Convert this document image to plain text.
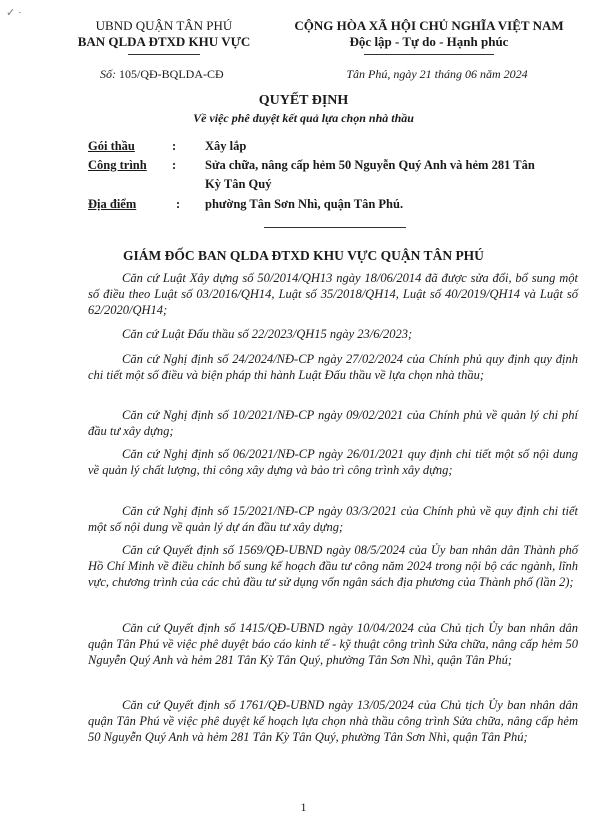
✓ ·
UBND QUẬN TÂN PHÚ
BAN QLDA ĐTXD KHU VỰC
CỘNG HÒA XÃ HỘI CHỦ NGHĨA VIỆT NAM
Độc lập - Tự do - Hạnh phúc
Số: 105/QĐ-BQLDA-CĐ	Tân Phú, ngày 21 tháng 06 năm 2024
QUYẾT ĐỊNH
Về việc phê duyệt kết quả lựa chọn nhà thầu
Gói thầu	: Xây lắp
Công trình	: Sửa chữa, nâng cấp hẻm 50 Nguyễn Quý Anh và hẻm 281 Tân Kỳ Tân Quý
Địa điểm	: phường Tân Sơn Nhì, quận Tân Phú.
GIÁM ĐỐC BAN QLDA ĐTXD KHU VỰC QUẬN TÂN PHÚ
Căn cứ Luật Xây dựng số 50/2014/QH13 ngày 18/06/2014 đã được sửa đổi, bổ sung một số điều theo Luật số 03/2016/QH14, Luật số 35/2018/QH14, Luật số 40/2019/QH14 và Luật số 62/2020/QH14;
Căn cứ Luật Đấu thầu số 22/2023/QH15 ngày 23/6/2023;
Căn cứ Nghị định số 24/2024/NĐ-CP ngày 27/02/2024 của Chính phủ quy định quy định chi tiết một số điều và biện pháp thi hành Luật Đấu thầu về lựa chọn nhà thầu;
Căn cứ Nghị định số 10/2021/NĐ-CP ngày 09/02/2021 của Chính phủ về quản lý chi phí đầu tư xây dựng;
Căn cứ Nghị định số 06/2021/NĐ-CP ngày 26/01/2021 quy định chi tiết một số nội dung về quản lý chất lượng, thi công xây dựng và bảo trì công trình xây dựng;
Căn cứ Nghị định số 15/2021/NĐ-CP ngày 03/3/2021 của Chính phủ về quy định chi tiết một số nội dung về quản lý dự án đầu tư xây dựng;
Căn cứ Quyết định số 1569/QĐ-UBND ngày 08/5/2024 của Ủy ban nhân dân Thành phố Hồ Chí Minh về điều chỉnh bổ sung kế hoạch đầu tư công năm 2024 trong nội bộ các ngành, lĩnh vực, chương trình của các chủ đầu tư sử dụng vốn ngân sách địa phương của Thành phố (lần 2);
Căn cứ Quyết định số 1415/QĐ-UBND ngày 10/04/2024 của Chủ tịch Ủy ban nhân dân quận Tân Phú về việc phê duyệt báo cáo kinh tế - kỹ thuật công trình Sửa chữa, nâng cấp hẻm 50 Nguyễn Quý Anh và hẻm 281 Tân Kỳ Tân Quý, phường Tân Sơn Nhì, quận Tân Phú;
Căn cứ Quyết định số 1761/QĐ-UBND ngày 13/05/2024 của Chủ tịch Ủy ban nhân dân quận Tân Phú về việc phê duyệt kế hoạch lựa chọn nhà thầu công trình Sửa chữa, nâng cấp hẻm 50 Nguyễn Quý Anh và hẻm 281 Tân Kỳ Tân Quý, phường Tân Sơn Nhì, quận Tân Phú;
1
